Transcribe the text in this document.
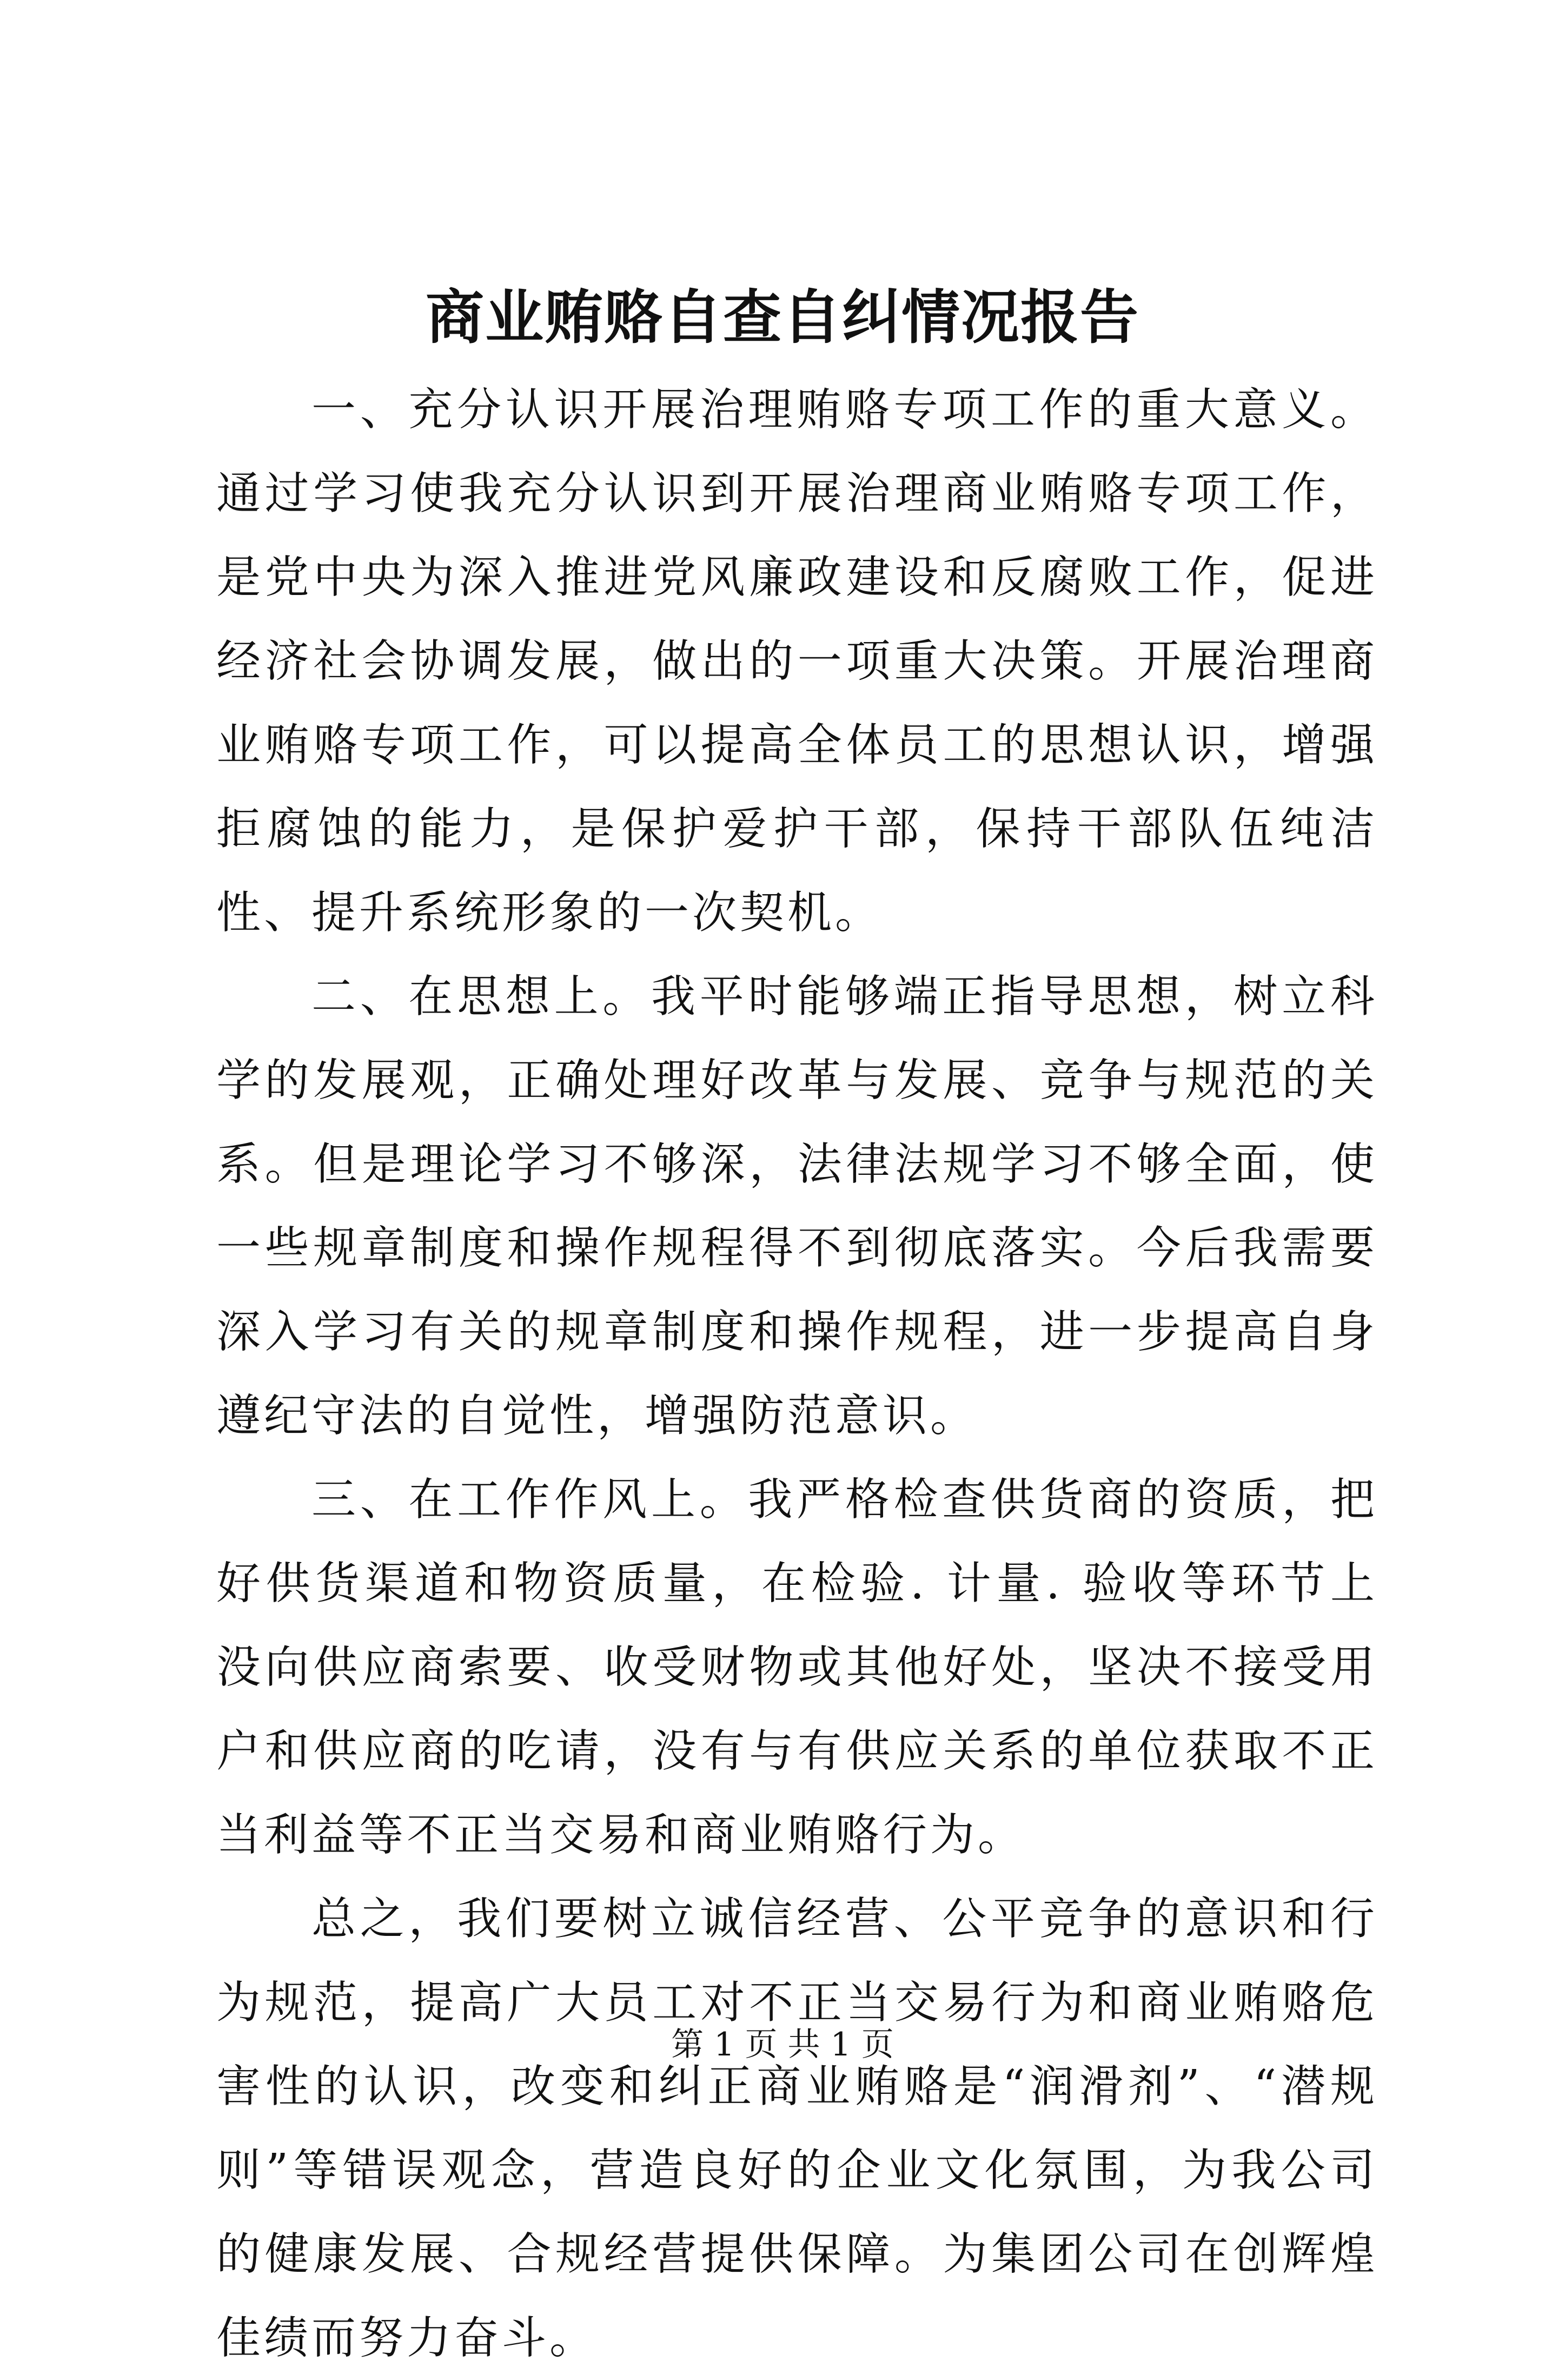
商业贿赂自查自纠情况报告

一、充分认识开展治理贿赂专项工作的重大意义。通过学习使我充分认识到开展治理商业贿赂专项工作，是党中央为深入推进党风廉政建设和反腐败工作，促进经济社会协调发展，做出的一项重大决策。开展治理商业贿赂专项工作，可以提高全体员工的思想认识，增强拒腐蚀的能力，是保护爱护干部，保持干部队伍纯洁性、提升系统形象的一次契机。

二、在思想上。我平时能够端正指导思想，树立科学的发展观，正确处理好改革与发展、竞争与规范的关系。但是理论学习不够深，法律法规学习不够全面，使一些规章制度和操作规程得不到彻底落实。今后我需要深入学习有关的规章制度和操作规程，进一步提高自身遵纪守法的自觉性，增强防范意识。

三、在工作作风上。我严格检查供货商的资质，把好供货渠道和物资质量，在检验. 计量. 验收等环节上没向供应商索要、收受财物或其他好处，坚决不接受用户和供应商的吃请，没有与有供应关系的单位获取不正当利益等不正当交易和商业贿赂行为。

总之，我们要树立诚信经营、公平竞争的意识和行为规范，提高广大员工对不正当交易行为和商业贿赂危害性的认识，改变和纠正商业贿赂是“润滑剂”、“潜规则”等错误观念，营造良好的企业文化氛围，为我公司的健康发展、合规经营提供保障。为集团公司在创辉煌佳绩而努力奋斗。

第 1 页 共 1 页
